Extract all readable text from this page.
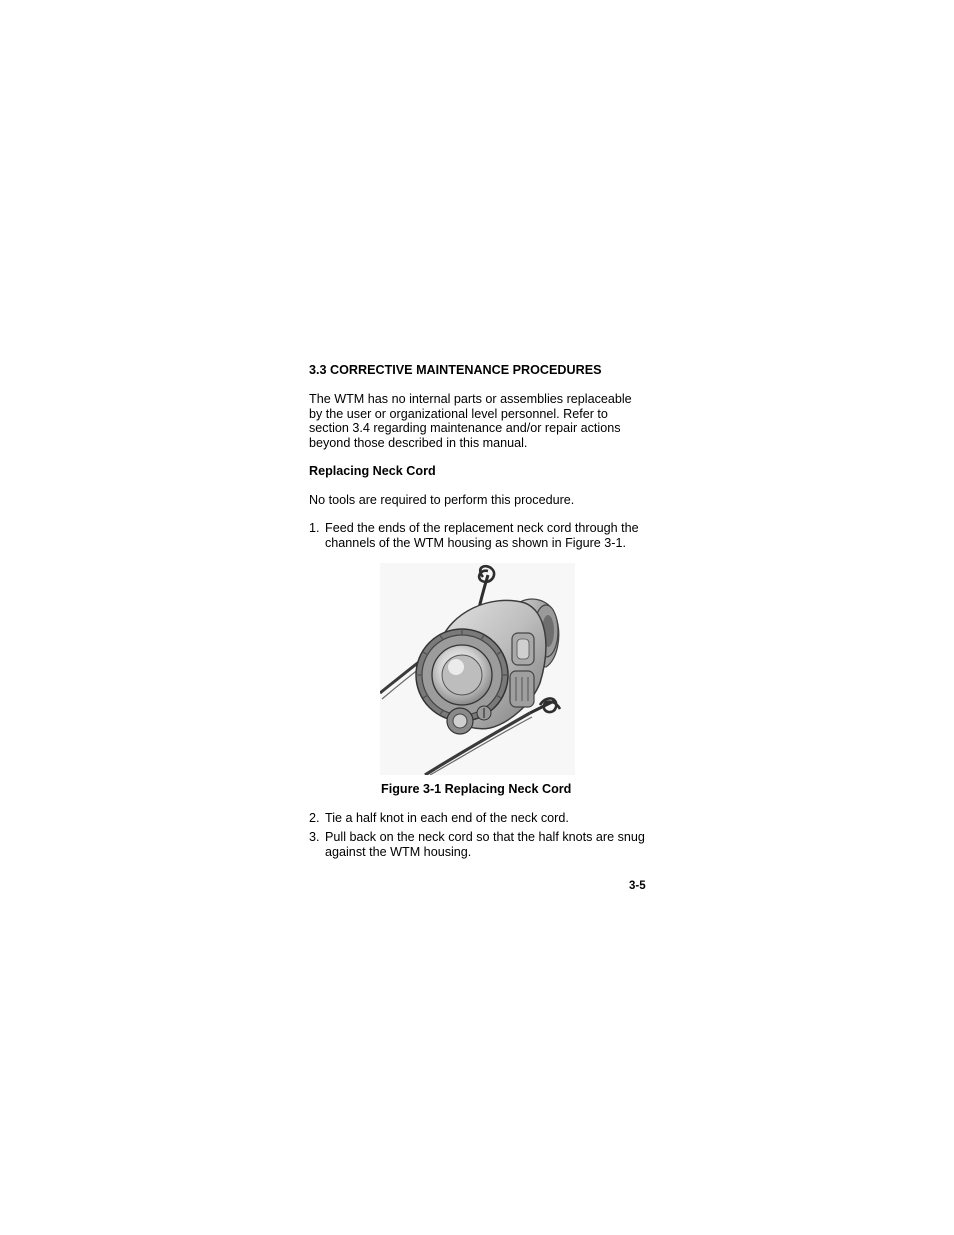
3.3 CORRECTIVE MAINTENANCE PROCEDURES
The WTM has no internal parts or assemblies replaceable
by the user or organizational level personnel. Refer to
section 3.4 regarding maintenance and/or repair actions
beyond those described in this manual.
Replacing Neck Cord
No tools are required to perform this procedure.
1. Feed the ends of the replacement neck cord through the
channels of the WTM housing as shown in Figure 3-1.
Figure 3-1 Replacing Neck Cord
2. Tie a half knot in each end of the neck cord.
3. Pull back on the neck cord so that the half knots are snug
against the WTM housing.
3-5
